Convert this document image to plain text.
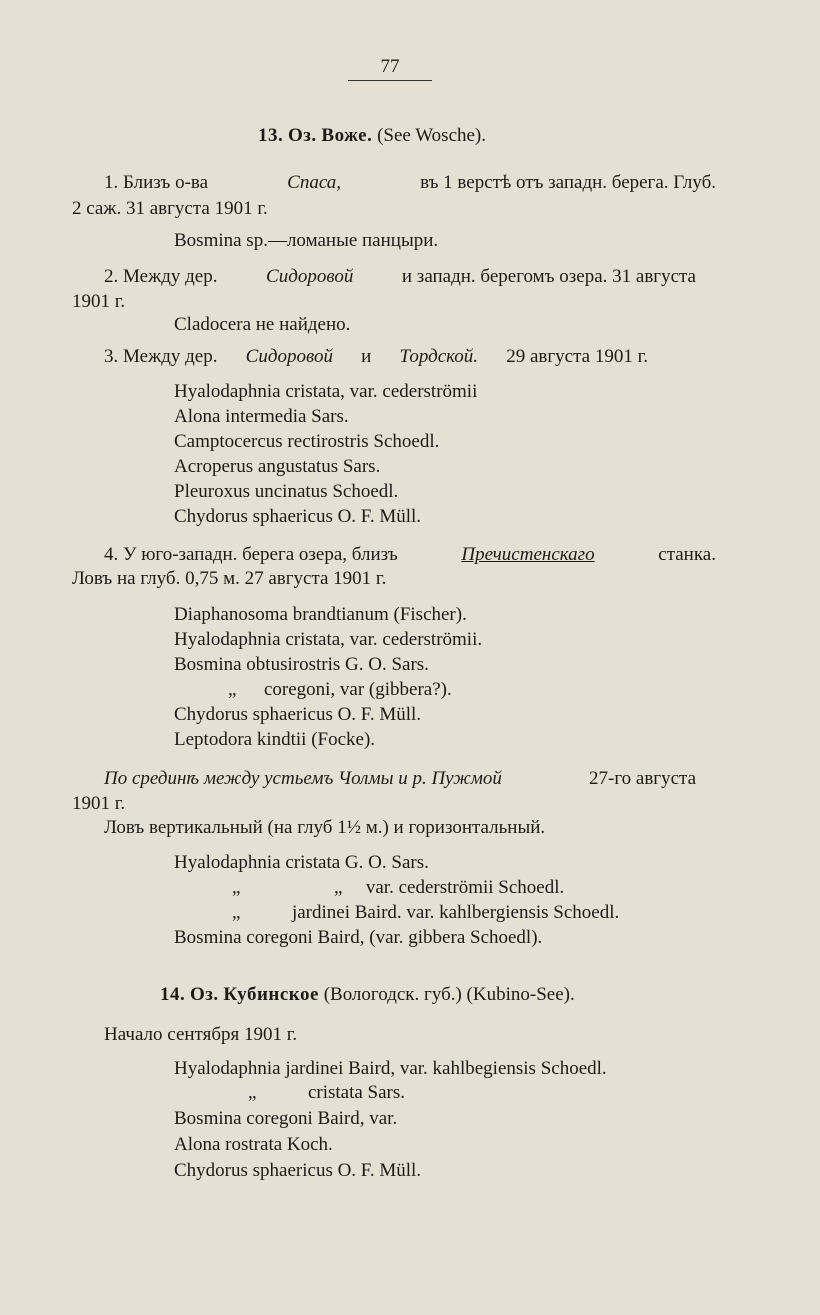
77
13. Оз. Воже. (See Wosche).
1. Близъ о-ва	Спаса,	въ 1 верстѣ отъ западн. берега. Глуб.
2 саж. 31 августа 1901 г.
Bosmina sp.—ломаные панцыри.
2. Между дер.	Сидоровой	и западн. берегомъ озера. 31 августа
1901 г.
Cladocera не найдено.
3. Между дер. Сидоровой и Тордской. 29 августа 1901 г.
Hyalodaphnia cristata, var. cederströmii
Alona intermedia Sars.
Camptocercus rectirostris Schoedl.
Acroperus angustatus Sars.
Pleuroxus uncinatus Schoedl.
Chydorus sphaericus O. F. Müll.
4. У юго-западн. берега озера, близъ	Пречистенскаго	станка.
Ловъ на глуб. 0,75 м. 27 августа 1901 г.
Diaphanosoma brandtianum (Fischer).
Hyalodaphnia cristata, var. cederströmii.
Bosmina obtusirostris G. O. Sars.
„ coregoni, var (gibbera?).
Chydorus sphaericus O. F. Müll.
Leptodora kindtii (Focke).
По срединѣ между устьемъ Чолмы и р. Пужмой	27-го августа
1901 г.
Ловъ вертикальный (на глуб 1½ м.) и горизонтальный.
Hyalodaphnia cristata G. O. Sars.
„	„ var. cederströmii Schoedl.
„	jardinei Baird. var. kahlbergiensis Schoedl.
Bosmina coregoni Baird, (var. gibbera Schoedl).
14. Оз. Кубинское (Вологодск. губ.) (Kubino-See).
Начало сентября 1901 г.
Hyalodaphnia jardinei Baird, var. kahlbegiensis Schoedl.
„	cristata Sars.
Bosmina coregoni Baird, var.
Alona rostrata Koch.
Chydorus sphaericus O. F. Müll.
